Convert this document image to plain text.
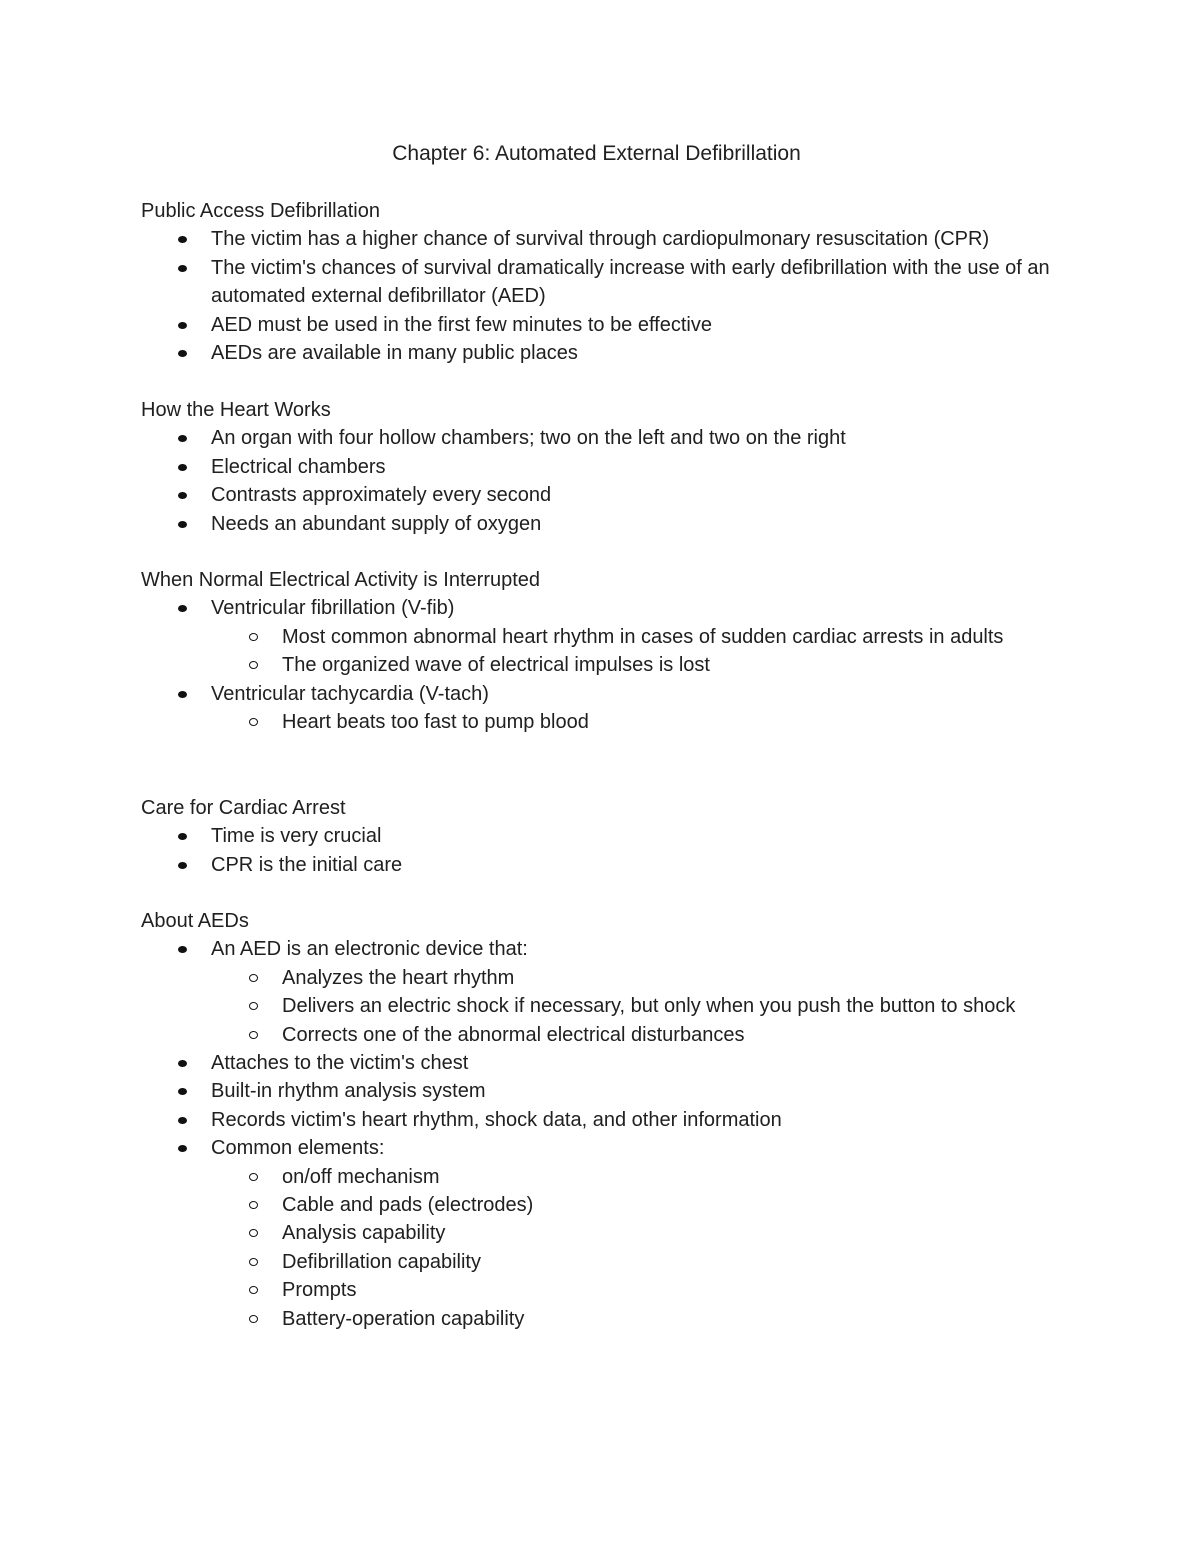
Chapter 6: Automated External Defibrillation
Public Access Defibrillation
The victim has a higher chance of survival through cardiopulmonary resuscitation (CPR)
The victim's chances of survival dramatically increase with early defibrillation with the use of an automated external defibrillator (AED)
AED must be used in the first few minutes to be effective
AEDs are available in many public places
How the Heart Works
An organ with four hollow chambers; two on the left and two on the right
Electrical chambers
Contrasts approximately every second
Needs an abundant supply of oxygen
When Normal Electrical Activity is Interrupted
Ventricular fibrillation (V-fib)
Most common abnormal heart rhythm in cases of sudden cardiac arrests in adults
The organized wave of electrical impulses is lost
Ventricular tachycardia (V-tach)
Heart beats too fast to pump blood
Care for Cardiac Arrest
Time is very crucial
CPR is the initial care
About AEDs
An AED is an electronic device that:
Analyzes the heart rhythm
Delivers an electric shock if necessary, but only when you push the button to shock
Corrects one of the abnormal electrical disturbances
Attaches to the victim's chest
Built-in rhythm analysis system
Records victim's heart rhythm, shock data, and other information
Common elements:
on/off mechanism
Cable and pads (electrodes)
Analysis capability
Defibrillation capability
Prompts
Battery-operation capability
